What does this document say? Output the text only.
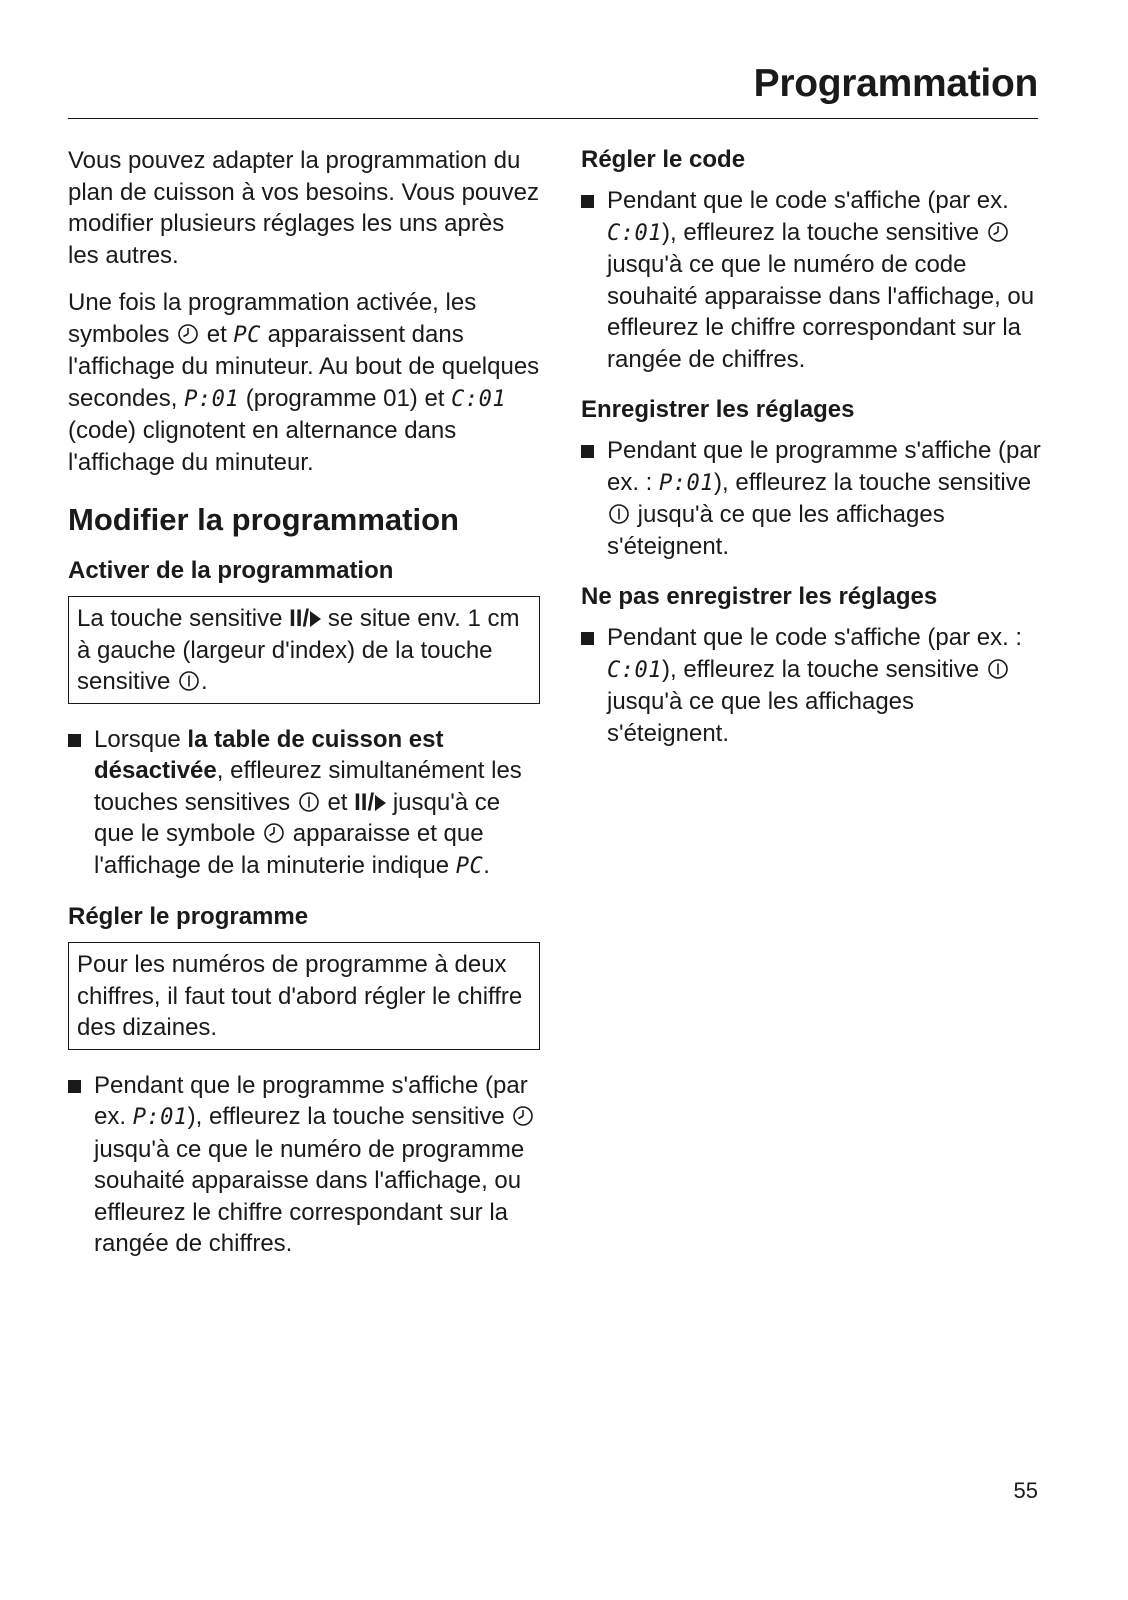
Programmation

Vous pouvez adapter la programmation du plan de cuisson à vos besoins. Vous pouvez modifier plusieurs réglages les uns après les autres.

Une fois la programmation activée, les symboles et PC apparaissent dans l'affichage du minuteur. Au bout de quelques secondes, P:01 (programme 01) et C:01 (code) clignotent en alternance dans l'affichage du minuteur.

Modifier la programmation
Activer de la programmation
La touche sensitive II/ se situe env. 1 cm à gauche (largeur d'index) de la touche sensitive .
Lorsque la table de cuisson est désactivée, effleurez simultanément les touches sensitives et II/ jusqu'à ce que le symbole apparaisse et que l'affichage de la minuterie indique PC.
Régler le programme
Pour les numéros de programme à deux chiffres, il faut tout d'abord régler le chiffre des dizaines.
Pendant que le programme s'affiche (par ex. P:01), effleurez la touche sensitive
jusqu'à ce que le numéro de programme souhaité apparaisse dans l'affichage, ou effleurez le chiffre correspondant sur la rangée de chiffres.
Régler le code
Pendant que le code s'affiche (par ex. C:01), effleurez la touche sensitive
jusqu'à ce que le numéro de code souhaité apparaisse dans l'affichage, ou effleurez le chiffre correspondant sur la rangée de chiffres.
Enregistrer les réglages
Pendant que le programme s'affiche (par ex. : P:01), effleurez la touche sensitive
jusqu'à ce que les affichages s'éteignent.
Ne pas enregistrer les réglages
Pendant que le code s'affiche (par ex. : C:01), effleurez la touche sensitive
jusqu'à ce que les affichages s'éteignent.
55
